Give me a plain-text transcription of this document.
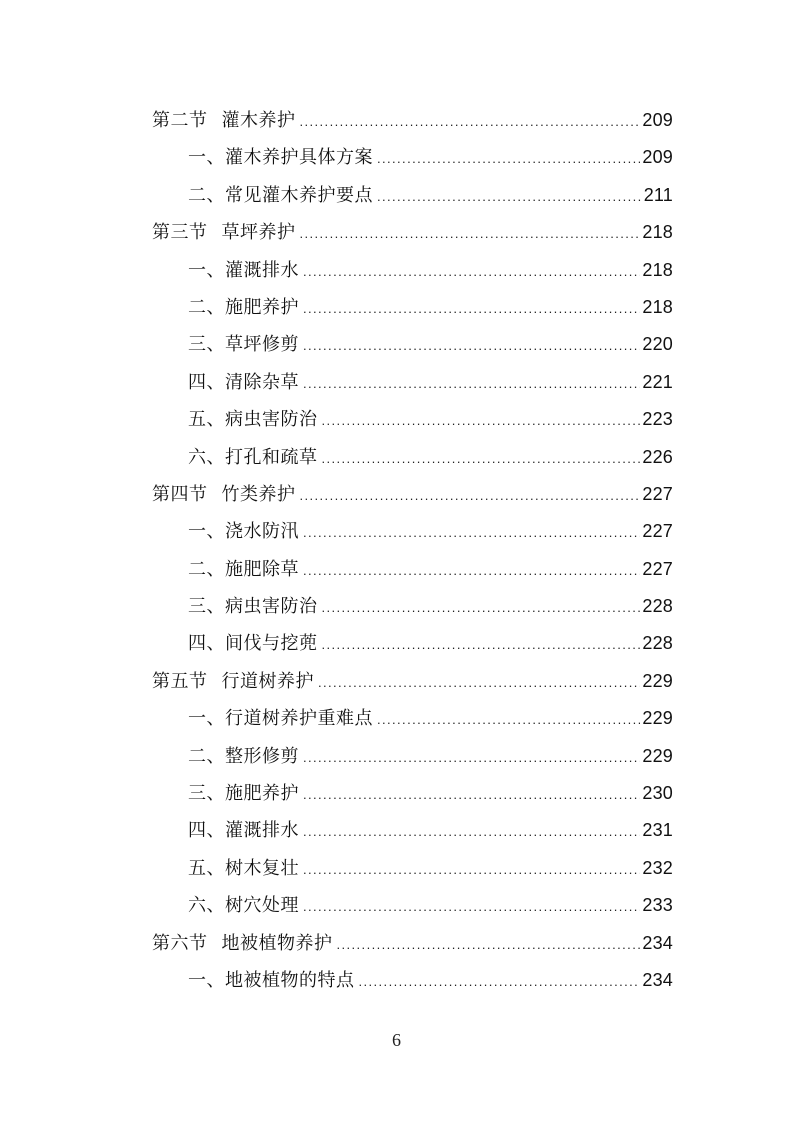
第二节 灌木养护 .....	209
一、灌木养护具体方案 .....	209
二、常见灌木养护要点 .....	211
第三节 草坪养护 .....	218
一、灌溉排水 .....	218
二、施肥养护 .....	218
三、草坪修剪 .....	220
四、清除杂草 .....	221
五、病虫害防治 .....	223
六、打孔和疏草 .....	226
第四节 竹类养护 .....	227
一、浇水防汛 .....	227
二、施肥除草 .....	227
三、病虫害防治 .....	228
四、间伐与挖蔸 .....	228
第五节 行道树养护 .....	229
一、行道树养护重难点 .....	229
二、整形修剪 .....	229
三、施肥养护 .....	230
四、灌溉排水 .....	231
五、树木复壮 .....	232
六、树穴处理 .....	233
第六节 地被植物养护 .....	234
一、地被植物的特点 .....	234
6
